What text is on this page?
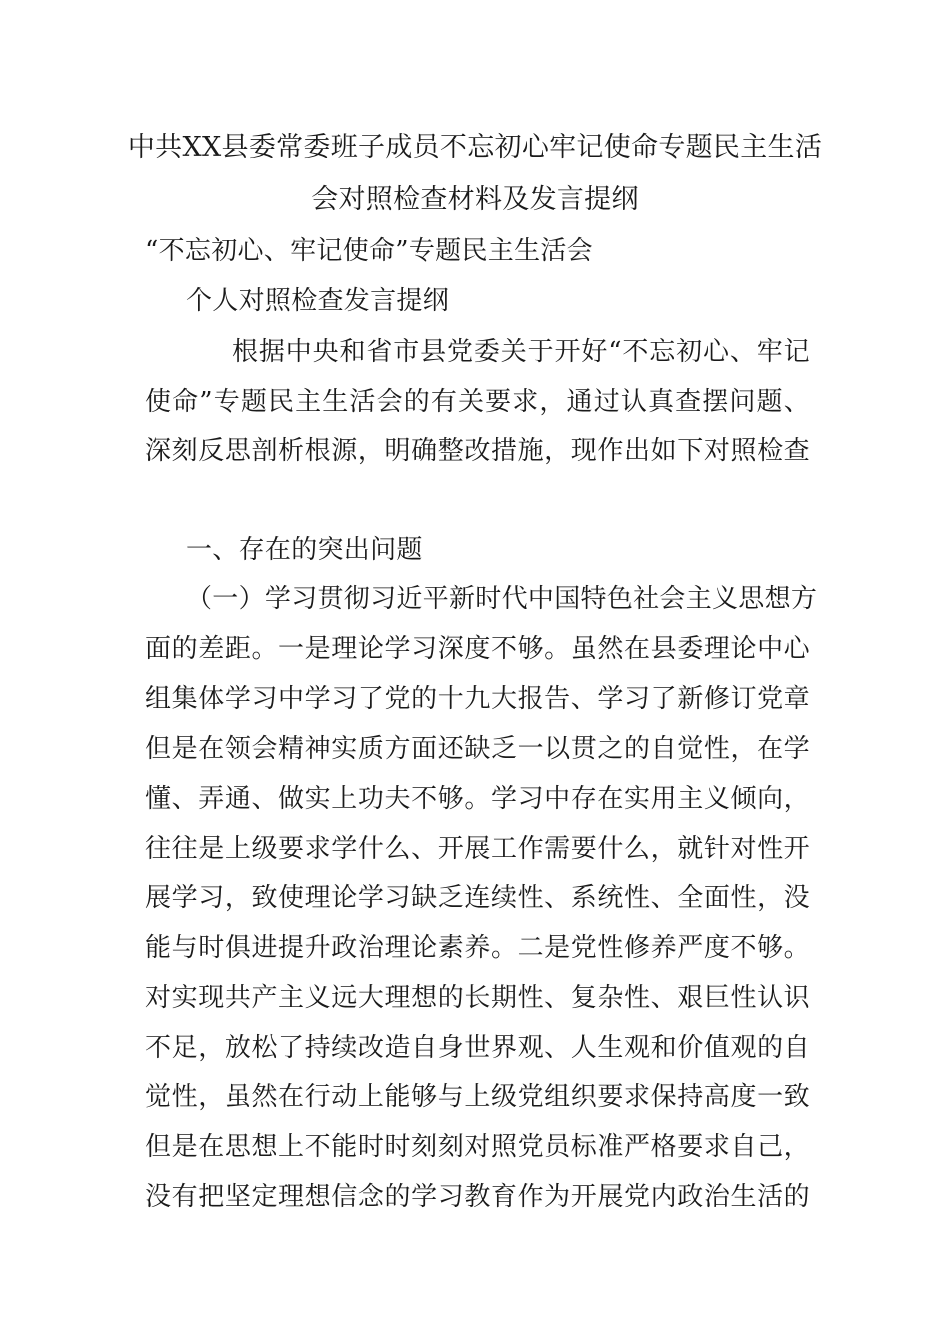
中共XX县委常委班子成员不忘初心牢记使命专题民主生活
会对照检查材料及发言提纲
“不忘初心、牢记使命”专题民主生活会
个人对照检查发言提纲
根据中央和省市县党委关于开好“不忘初心、牢记
使命”专题民主生活会的有关要求，通过认真查摆问题、
深刻反思剖析根源，明确整改措施，现作出如下对照检查
一、存在的突出问题
（一）学习贯彻习近平新时代中国特色社会主义思想方
面的差距。一是理论学习深度不够。虽然在县委理论中心
组集体学习中学习了党的十九大报告、学习了新修订党章
但是在领会精神实质方面还缺乏一以贯之的自觉性，在学
懂、弄通、做实上功夫不够。学习中存在实用主义倾向，
往往是上级要求学什么、开展工作需要什么，就针对性开
展学习，致使理论学习缺乏连续性、系统性、全面性，没
能与时俱进提升政治理论素养。二是党性修养严度不够。
对实现共产主义远大理想的长期性、复杂性、艰巨性认识
不足，放松了持续改造自身世界观、人生观和价值观的自
觉性，虽然在行动上能够与上级党组织要求保持高度一致
但是在思想上不能时时刻刻对照党员标准严格要求自己，
没有把坚定理想信念的学习教育作为开展党内政治生活的
